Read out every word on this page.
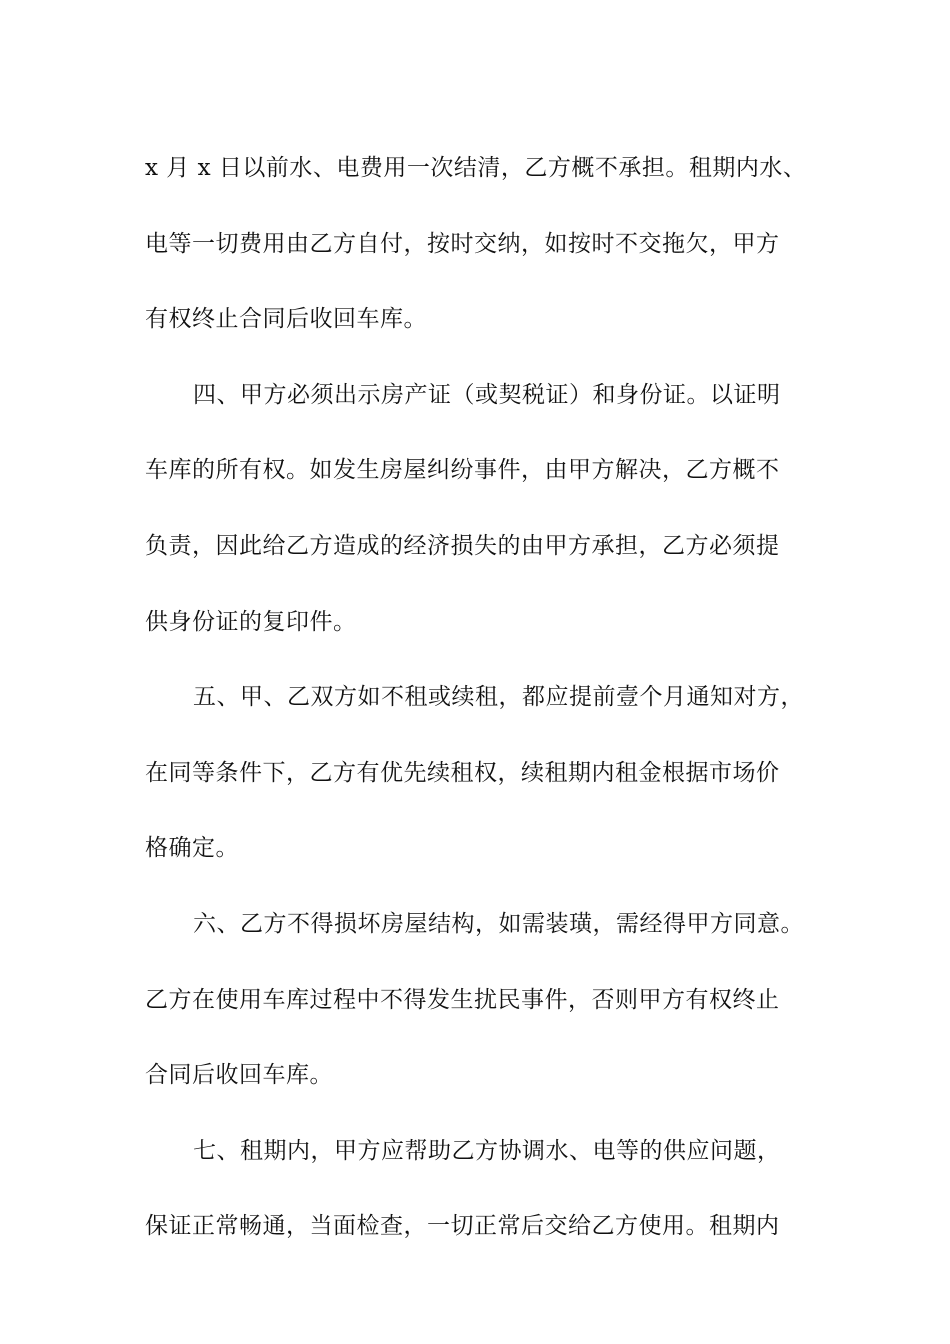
x 月 x 日以前水、电费用一次结清，乙方概不承担。租期内水、
电等一切费用由乙方自付，按时交纳，如按时不交拖欠，甲方
有权终止合同后收回车库。

四、甲方必须出示房产证（或契税证）和身份证。以证明
车库的所有权。如发生房屋纠纷事件，由甲方解决，乙方概不
负责，因此给乙方造成的经济损失的由甲方承担，乙方必须提
供身份证的复印件。

五、甲、乙双方如不租或续租，都应提前壹个月通知对方，
在同等条件下，乙方有优先续租权，续租期内租金根据市场价
格确定。

六、乙方不得损坏房屋结构，如需装璜，需经得甲方同意。
乙方在使用车库过程中不得发生扰民事件，否则甲方有权终止
合同后收回车库。

七、租期内，甲方应帮助乙方协调水、电等的供应问题，
保证正常畅通，当面检查，一切正常后交给乙方使用。租期内
